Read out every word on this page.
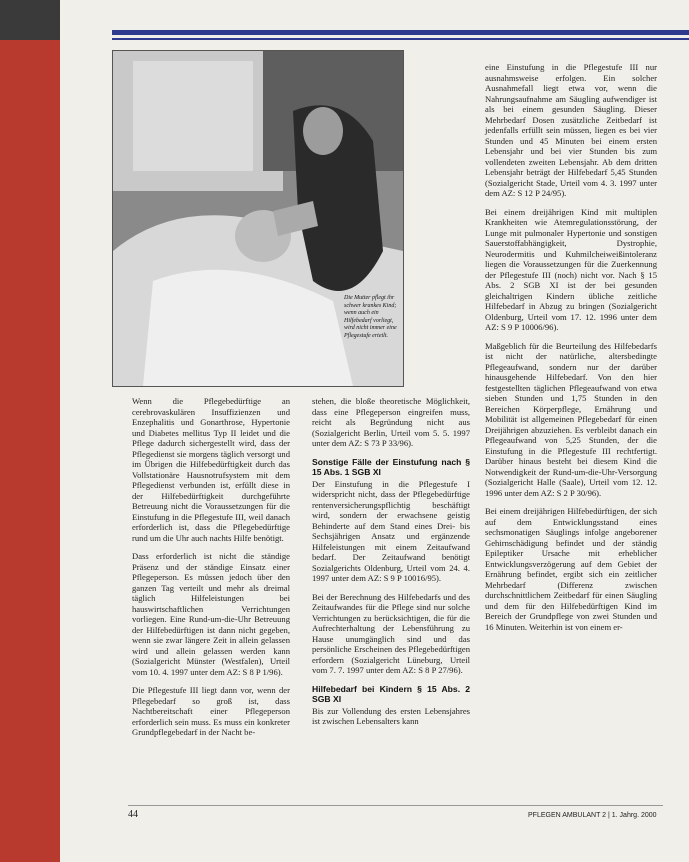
Die Mutter pflegt ihr schwer krankes Kind; wenn auch ein Hilfebedarf vorliegt, wird nicht immer eine Pflegestufe erteilt.

Wenn die Pflegebedürftige an cerebrovaskulären Insuffizienzen und Enzephalitis und Gonarthrose, Hypertonie und Diabetes mellitus Typ II leidet und die Pflege dadurch sichergestellt wird, dass der Pflegedienst sie morgens täglich versorgt und im Übrigen die Hilfebedürftigkeit durch das Vollstationäre Hausnotrufsystem mit dem Pflegedienst verbunden ist, erfüllt diese in der Hilfebedürftigkeit durchgeführte Betreuung nicht die Voraussetzungen für die Einstufung in die Pflegestufe III, weil danach erforderlich ist, dass die Pflegebedürftige rund um die Uhr auch nachts Hilfe benötigt.

Dass erforderlich ist nicht die ständige Präsenz und der ständige Einsatz einer Pflegeperson. Es müssen jedoch über den ganzen Tag verteilt und mehr als dreimal täglich Hilfeleistungen bei hauswirtschaftlichen Verrichtungen vorliegen. Eine Rund-um-die-Uhr Betreuung der Hilfebedürftigen ist dann nicht gegeben, wenn sie zwar längere Zeit in allein gelassen wird und allein gelassen werden kann (Sozialgericht Münster (Westfalen), Urteil vom 10. 4. 1997 unter dem AZ: S 8 P 1/96).

Die Pflegestufe III liegt dann vor, wenn der Pflegebedarf so groß ist, dass Nachtbereitschaft einer Pflegeperson erforderlich sein muss. Es muss ein konkreter Grundpflegebedarf in der Nacht be-

stehen, die bloße theoretische Möglichkeit, dass eine Pflegeperson eingreifen muss, reicht als Begründung nicht aus (Sozialgericht Berlin, Urteil vom 5. 5. 1997 unter dem AZ: S 73 P 33/96).

Sonstige Fälle der Einstufung nach § 15 Abs. 1 SGB XI

Der Einstufung in die Pflegestufe I widerspricht nicht, dass der Pflegebedürftige rentenversicherungspflichtig beschäftigt wird, sondern der erwachsene geistig Behinderte auf dem Stand eines Drei- bis Sechsjährigen Ansatz und ergänzende Hilfeleistungen mit einem Zeitaufwand bedarf. Der Zeitaufwand benötigt Sozialgerichts Oldenburg, Urteil vom 24. 4. 1997 unter dem AZ: S 9 P 10016/95).

Bei der Berechnung des Hilfebedarfs und des Zeitaufwandes für die Pflege sind nur solche Verrichtungen zu berücksichtigen, die für die Aufrechterhaltung der Lebensführung zu Hause unumgänglich sind und das persönliche Erscheinen des Pflegebedürftigen erfordern (Sozialgericht Lüneburg, Urteil vom 7. 7. 1997 unter dem AZ: S 8 P 27/96).

Hilfebedarf bei Kindern § 15 Abs. 2 SGB XI

Bis zur Vollendung des ersten Lebensjahres ist zwischen Lebensalters kann

eine Einstufung in die Pflegestufe III nur ausnahmsweise erfolgen. Ein solcher Ausnahmefall liegt etwa vor, wenn die Nahrungsaufnahme am Säugling aufwendiger ist als bei einem gesunden Säugling. Dieser Mehrbedarf Dosen zusätzliche Zeitbedarf ist jedenfalls erfüllt sein müssen, liegen es bei vier Stunden und 45 Minuten bei einem ersten Lebensjahr und bei vier Stunden bis zum vollendeten zweiten Lebensjahr. Ab dem dritten Lebensjahr beträgt der Hilfebedarf 5,45 Stunden (Sozialgericht Stade, Urteil vom 4. 3. 1997 unter dem AZ: S 12 P 24/95).

Bei einem dreijährigen Kind mit multiplen Krankheiten wie Atemregulationsstörung, der Lunge mit pulmonaler Hypertonie und sonstigen Sauerstoffabhängigkeit, Dystrophie, Neurodermitis und Kuhmilcheiweißintoleranz liegen die Voraussetzungen für die Zuerkennung der Pflegestufe III (noch) nicht vor. Nach § 15 Abs. 2 SGB XI ist der bei gesunden gleichaltrigen Kindern übliche zeitliche Hilfebedarf in Abzug zu bringen (Sozialgericht Oldenburg, Urteil vom 17. 12. 1996 unter dem AZ: S 9 P 10006/96).

Maßgeblich für die Beurteilung des Hilfebedarfs ist nicht der natürliche, altersbedingte Pflegeaufwand, sondern nur der darüber hinausgehende Hilfebedarf. Von den hier festgestellten täglichen Pflegeaufwand von etwa sieben Stunden und 1,75 Stunden in den Bereichen Körperpflege, Ernährung und Mobilität ist allgemeinen Pflegebedarf für einen Dreijährigen abzuziehen. Es verbleibt danach ein Pflegeaufwand von 5,25 Stunden, der die Einstufung in die Pflegestufe III rechtfertigt. Darüber hinaus besteht bei diesem Kind die Notwendigkeit der Rund-um-die-Uhr-Versorgung (Sozialgericht Halle (Saale), Urteil vom 12. 12. 1996 unter dem AZ: S 2 P 30/96).

Bei einem dreijährigen Hilfebedürftigen, der sich auf dem Entwicklungsstand eines sechsmonatigen Säuglings infolge angeborener Gehirnschädigung befindet und der ständig Epileptiker Ursache mit erheblicher Entwicklungsverzögerung auf dem Gebiet der Ernährung befindet, ergibt sich ein zeitlicher Mehrbedarf (Differenz zwischen durchschnittlichem Zeitbedarf für einen Säugling und dem für den Hilfebedürftigen Kind im Bereich der Grundpflege von zwei Stunden und 16 Minuten. Weiterhin ist von einem er-

44	PFLEGEN AMBULANT 2 | 1. Jahrg. 2000
